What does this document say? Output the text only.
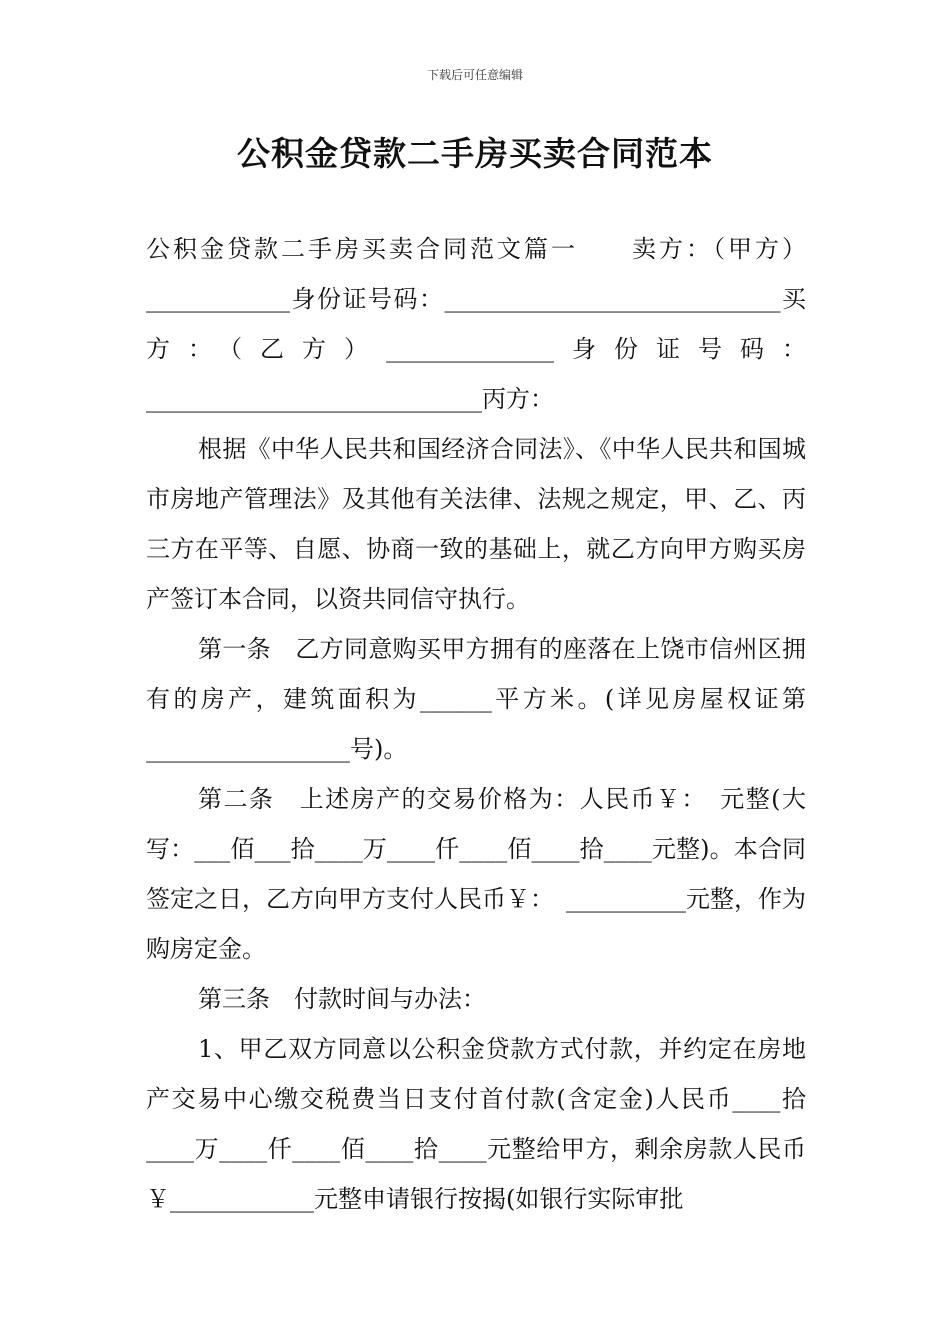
下载后可任意编辑
公积金贷款二手房买卖合同范本

公积金贷款二手房买卖合同范文篇一　　卖方：（甲方）____________身份证号码：____________________________买方：（乙方）______________身份证号码：____________________________丙方：

根据《中华人民共和国经济合同法》、《中华人民共和国城市房地产管理法》及其他有关法律、法规之规定，甲、乙、丙三方在平等、自愿、协商一致的基础上，就乙方向甲方购买房产签订本合同，以资共同信守执行。

第一条　乙方同意购买甲方拥有的座落在上饶市信州区拥有的房产，建筑面积为______平方米。(详见房屋权证第_________________号)。

第二条　上述房产的交易价格为：人民币￥：　元整(大写：___佰___拾____万____仟____佰____拾____元整)。本合同签定之日，乙方向甲方支付人民币￥：　__________元整，作为购房定金。

第三条　付款时间与办法：

1、甲乙双方同意以公积金贷款方式付款，并约定在房地产交易中心缴交税费当日支付首付款(含定金)人民币____拾____万____仟____佰____拾____元整给甲方，剩余房款人民币￥____________元整申请银行按揭(如银行实际审批
